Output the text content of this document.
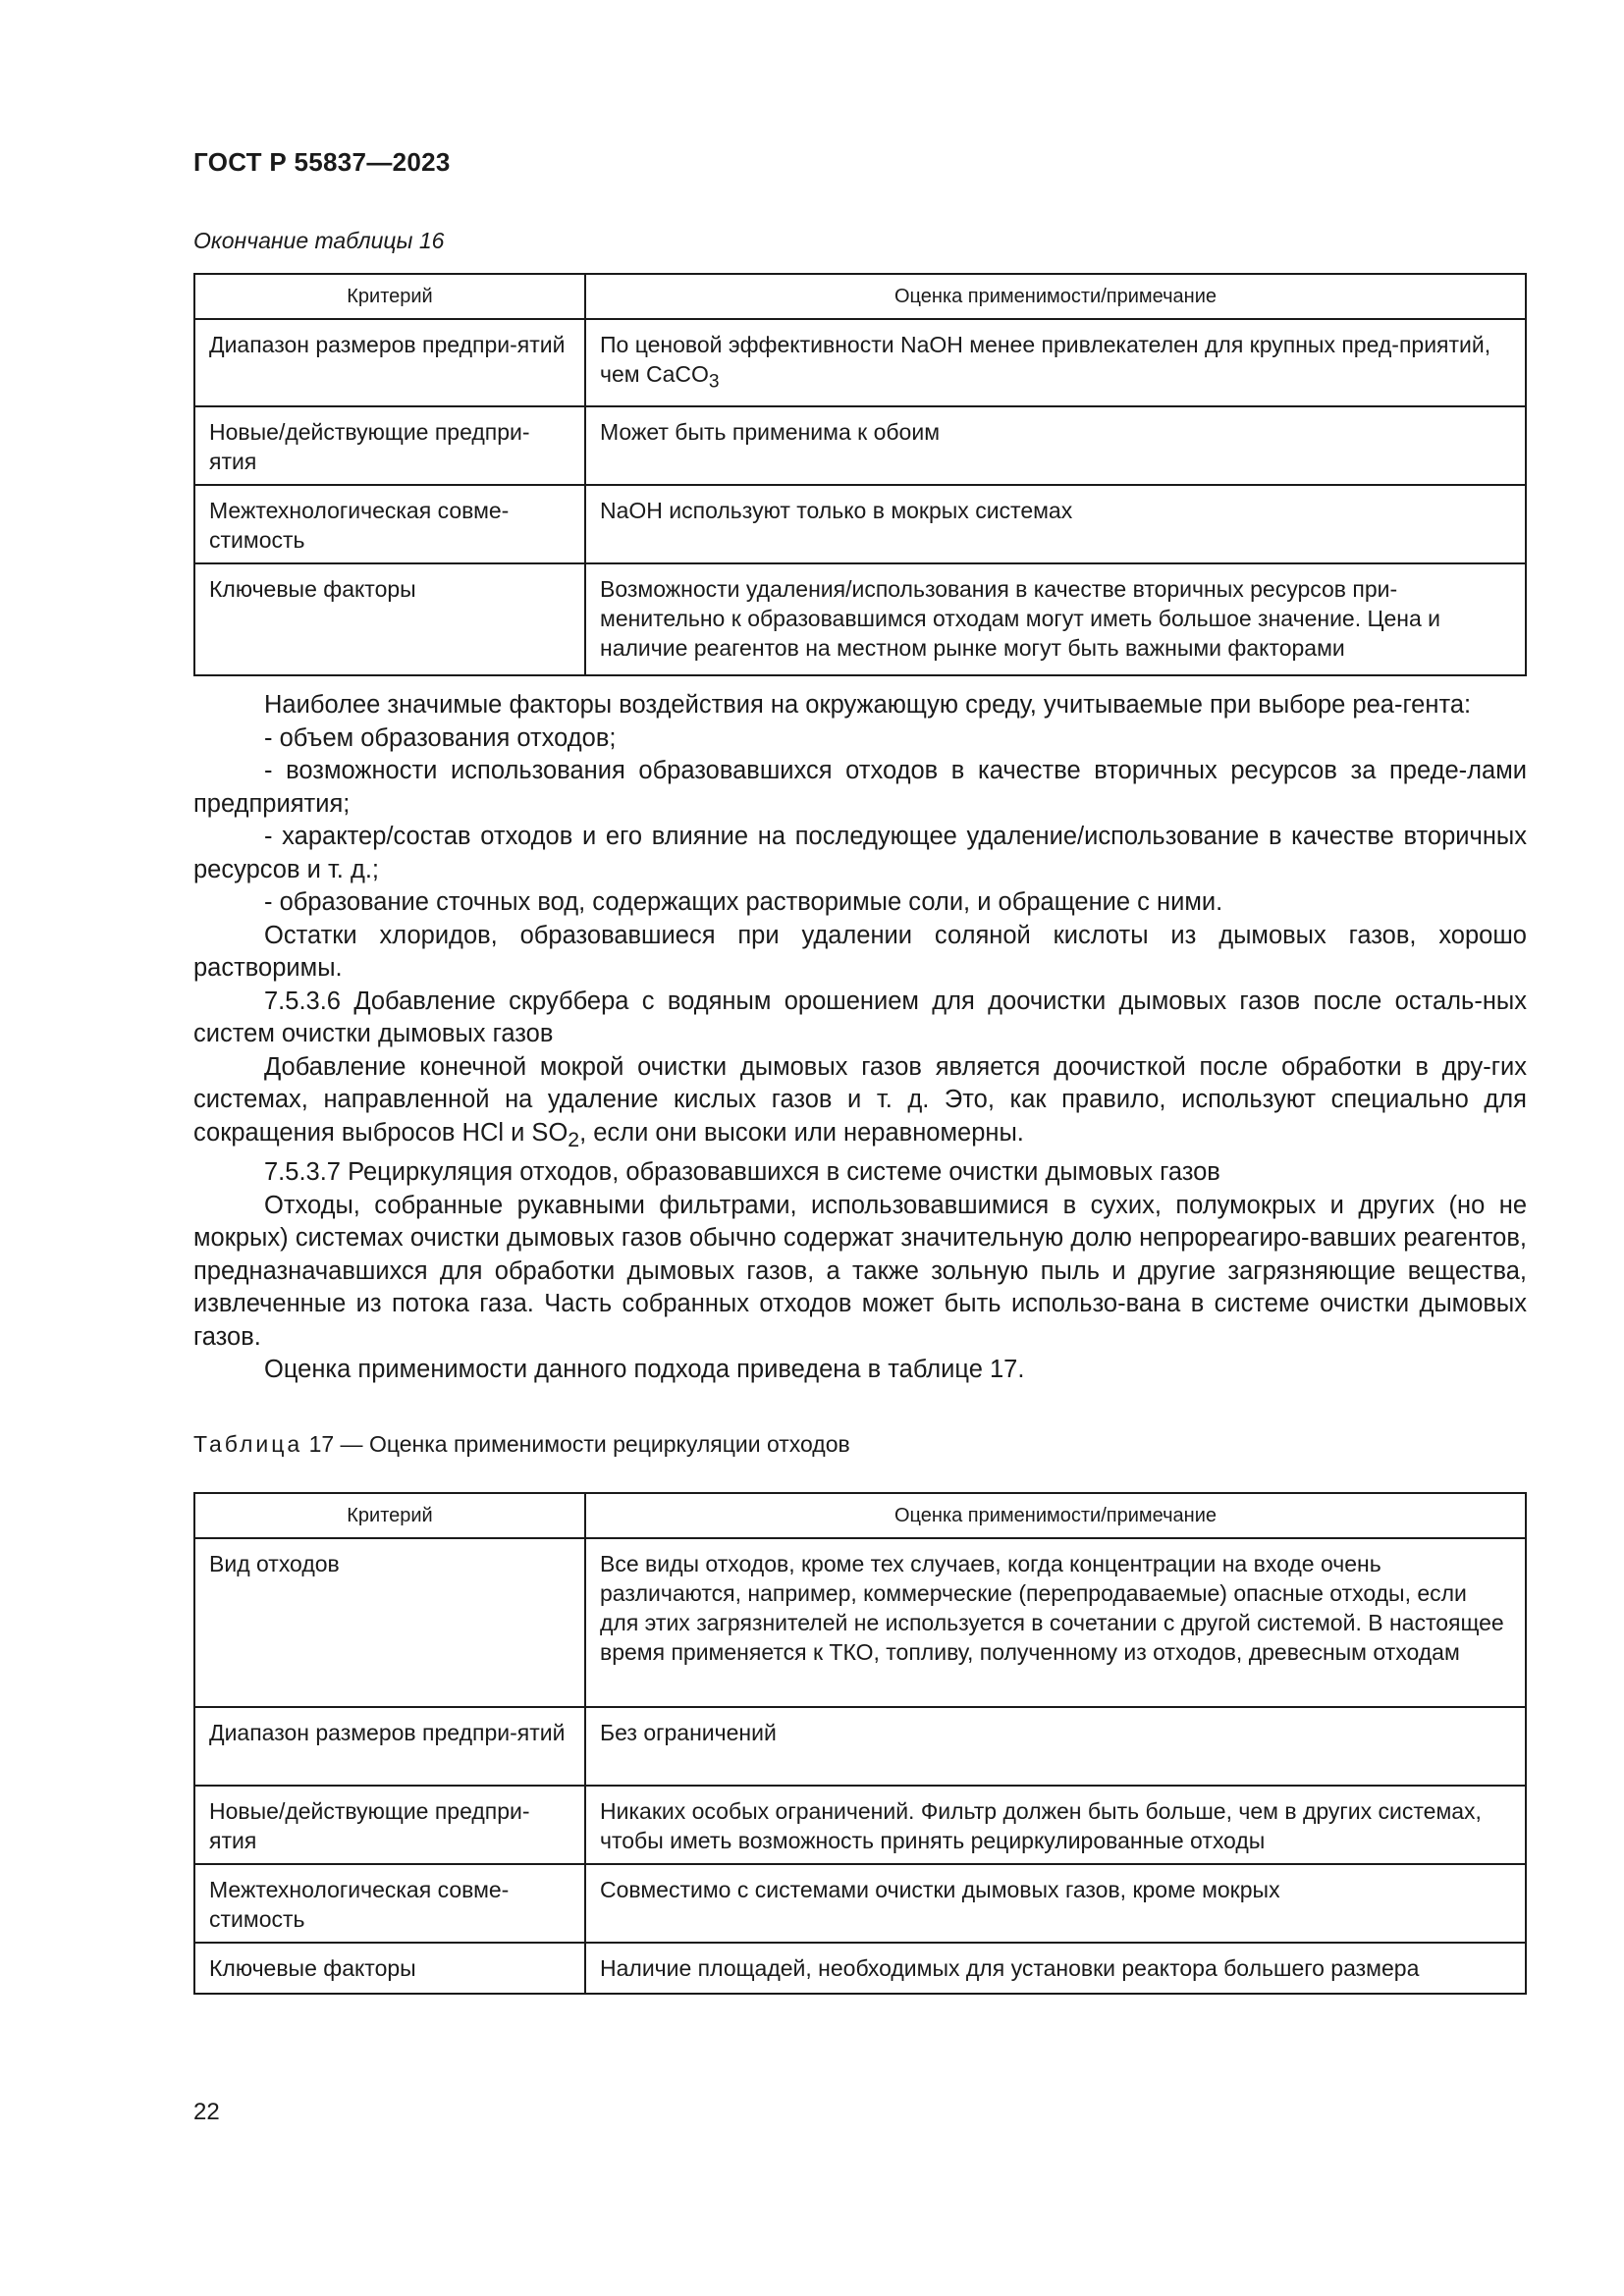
ГОСТ Р 55837—2023
Окончание таблицы 16
Критерий	Оценка применимости/примечание
Диапазон размеров предпри-ятий	По ценовой эффективности NaOH менее привлекателен для крупных пред-приятий, чем CaCO$_3$
Новые/действующие предпри-ятия	Может быть применима к обоим
Межтехнологическая совме-стимость	NaOH используют только в мокрых системах
Ключевые факторы	Возможности удаления/использования в качестве вторичных ресурсов при-менительно к образовавшимся отходам могут иметь большое значение. Цена и наличие реагентов на местном рынке могут быть важными факторами

Наиболее значимые факторы воздействия на окружающую среду, учитываемые при выборе реа-гента:

- объем образования отходов;

- возможности использования образовавшихся отходов в качестве вторичных ресурсов за преде-лами предприятия;

- характер/состав отходов и его влияние на последующее удаление/использование в качестве вторичных ресурсов и т. д.;

- образование сточных вод, содержащих растворимые соли, и обращение с ними.

Остатки хлоридов, образовавшиеся при удалении соляной кислоты из дымовых газов, хорошо растворимы.

7.5.3.6 Добавление скруббера с водяным орошением для доочистки дымовых газов после осталь-ных систем очистки дымовых газов

Добавление конечной мокрой очистки дымовых газов является доочисткой после обработки в дру-гих системах, направленной на удаление кислых газов и т. д. Это, как правило, используют специально для сокращения выбросов HCl и $SO_2$, если они высоки или неравномерны.

7.5.3.7 Рециркуляция отходов, образовавшихся в системе очистки дымовых газов

Отходы, собранные рукавными фильтрами, использовавшимися в сухих, полумокрых и других (но не мокрых) системах очистки дымовых газов обычно содержат значительную долю непрореагиро-вавших реагентов, предназначавшихся для обработки дымовых газов, а также зольную пыль и другие загрязняющие вещества, извлеченные из потока газа. Часть собранных отходов может быть использо-вана в системе очистки дымовых газов.

Оценка применимости данного подхода приведена в таблице 17.

Таблица 17 — Оценка применимости рециркуляции отходов
Критерий	Оценка применимости/примечание
Вид отходов	Все виды отходов, кроме тех случаев, когда концентрации на входе очень различаются, например, коммерческие (перепродаваемые) опасные отходы, если для этих загрязнителей не используется в сочетании с другой системой. В настоящее время применяется к ТКО, топливу, полученному из отходов, древесным отходам
Диапазон размеров предпри-ятий	Без ограничений
Новые/действующие предпри-ятия	Никаких особых ограничений. Фильтр должен быть больше, чем в других системах, чтобы иметь возможность принять рециркулированные отходы
Межтехнологическая совме-стимость	Совместимо с системами очистки дымовых газов, кроме мокрых
Ключевые факторы	Наличие площадей, необходимых для установки реактора большего размера
22
